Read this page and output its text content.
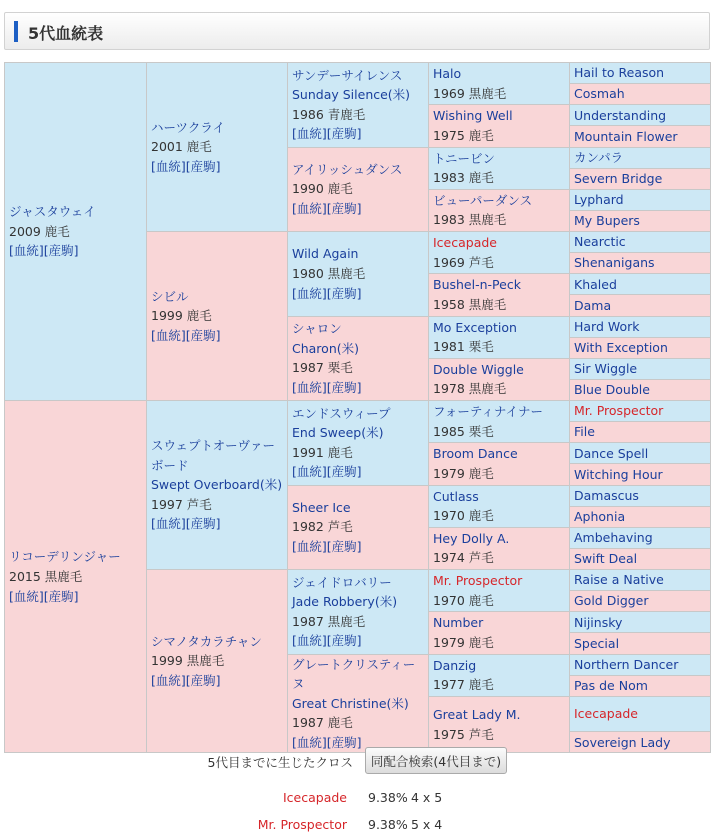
5代血統表
ジャスタウェイ
2009 鹿毛
[血統][産駒]	ハーツクライ
2001 鹿毛
[血統][産駒]	サンデーサイレンス
Sunday Silence(米)
1986 青鹿毛
[血統][産駒]	Halo
1969 黒鹿毛	Hail to Reason
				Cosmah
			Wishing Well
1975 鹿毛	Understanding
				Mountain Flower
		アイリッシュダンス
1990 鹿毛
[血統][産駒]	トニービン
1983 鹿毛	カンパラ
				Severn Bridge
			ビューパーダンス
1983 黒鹿毛	Lyphard
				My Bupers
	シビル
1999 鹿毛
[血統][産駒]	Wild Again
1980 黒鹿毛
[血統][産駒]	Icecapade
1969 芦毛	Nearctic
				Shenanigans
			Bushel-n-Peck
1958 黒鹿毛	Khaled
				Dama
		シャロン
Charon(米)
1987 栗毛
[血統][産駒]	Mo Exception
1981 栗毛	Hard Work
				With Exception
			Double Wiggle
1978 黒鹿毛	Sir Wiggle
				Blue Double
リコーデリンジャー
2015 黒鹿毛
[血統][産駒]	スウェプトオーヴァーボード
Swept Overboard(米)
1997 芦毛
[血統][産駒]	エンドスウィープ
End Sweep(米)
1991 鹿毛
[血統][産駒]	フォーティナイナー
1985 栗毛	Mr. Prospector
				File
			Broom Dance
1979 鹿毛	Dance Spell
				Witching Hour
		Sheer Ice
1982 芦毛
[血統][産駒]	Cutlass
1970 鹿毛	Damascus
				Aphonia
			Hey Dolly A.
1974 芦毛	Ambehaving
				Swift Deal
	シマノタカラチャン
1999 黒鹿毛
[血統][産駒]	ジェイドロバリー
Jade Robbery(米)
1987 黒鹿毛
[血統][産駒]	Mr. Prospector
1970 鹿毛	Raise a Native
				Gold Digger
			Number
1979 鹿毛	Nijinsky
				Special
		グレートクリスティーヌ
Great Christine(米)
1987 鹿毛
[血統][産駒]	Danzig
1977 鹿毛	Northern Dancer
				Pas de Nom
			Great Lady M.
1975 芦毛	Icecapade
				Sovereign Lady
5代目までに生じたクロス	同配合検索(4代目まで)
Icecapade 9.38% 4 x 5
Mr. Prospector 9.38% 5 x 4
